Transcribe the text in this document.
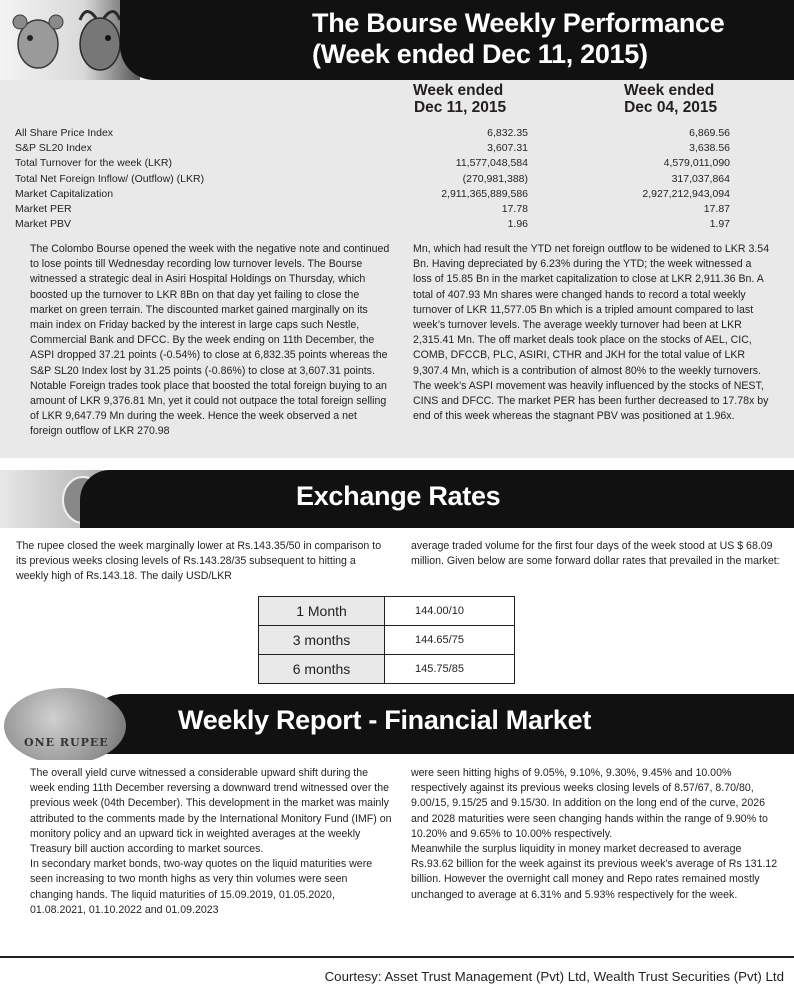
The Bourse Weekly Performance
(Week ended Dec 11, 2015)
Week ended
Dec 11, 2015
Week ended
Dec 04, 2015
All Share Price Index	6,832.35	6,869.56
S&P SL20 Index	3,607.31	3,638.56
Total Turnover for the week (LKR)	11,577,048,584	4,579,011,090
Total Net Foreign Inflow/ (Outflow) (LKR)	(270,981,388)	317,037,864
Market Capitalization	2,911,365,889,586	2,927,212,943,094
Market PER	17.78	17.87
Market PBV	1.96	1.97
The Colombo Bourse opened the week with the negative note and continued to lose points till Wednesday recording low turnover levels. The Bourse witnessed a strategic deal in Asiri Hospital Holdings on Thursday, which boosted up the turnover to LKR 8Bn on that day yet failing to close the market on green terrain. The discounted market gained marginally on its main index on Friday backed by the interest in large caps such Nestle, Commercial Bank and DFCC. By the week ending on 11th December, the ASPI dropped 37.21 points (-0.54%) to close at 6,832.35 points whereas the S&P SL20 Index lost by 31.25 points (-0.86%) to close at 3,607.31 points. Notable Foreign trades took place that boosted the total foreign buying to an amount of LKR 9,376.81 Mn, yet it could not outpace the total foreign selling of LKR 9,647.79 Mn during the week. Hence the week observed a net foreign outflow of LKR 270.98
Mn, which had result the YTD net foreign outflow to be widened to LKR 3.54 Bn. Having depreciated by 6.23% during the YTD; the week witnessed a loss of 15.85 Bn in the market capitalization to close at LKR 2,911.36 Bn. A total of 407.93 Mn shares were changed hands to record a total weekly turnover of LKR 11,577.05 Bn which is a tripled amount compared to last week’s turnover levels. The average weekly turnover had been at LKR 2,315.41 Mn. The off market deals took place on the stocks of AEL, CIC, COMB, DFCCB, PLC, ASIRI, CTHR and JKH for the total value of LKR 9,307.4 Mn, which is a contribution of almost 80% to the weekly turnovers. The week’s ASPI movement was heavily influenced by the stocks of NEST, CINS and DFCC. The market PER has been further decreased to 17.78x by end of this week whereas the stagnant PBV was positioned at 1.96x.
Exchange Rates
The rupee closed the week marginally lower at Rs.143.35/50 in comparison to its previous weeks closing levels of Rs.143.28/35 subsequent to hitting a weekly high of Rs.143.18. The daily USD/LKR
average traded volume for the first four days of the week stood at US $ 68.09 million. Given below are some forward dollar rates that prevailed in the market:
1 Month	144.00/10
3 months	144.65/75
6 months	145.75/85
ONE RUPEE
Weekly Report - Financial Market
The overall yield curve witnessed a considerable upward shift during the week ending 11th December reversing a downward trend witnessed over the previous week (04th December). This development in the market was mainly attributed to the comments made by the International Monitory Fund (IMF) on monitory policy and an upward tick in weighted averages at the weekly Treasury bill auction according to market sources.
In secondary market bonds, two-way quotes on the liquid maturities were seen increasing to two month highs as very thin volumes were seen changing hands. The liquid maturities of 15.09.2019, 01.05.2020, 01.08.2021, 01.10.2022 and 01.09.2023
were seen hitting highs of 9.05%, 9.10%, 9.30%, 9.45% and 10.00% respectively against its previous weeks closing levels of 8.57/67, 8.70/80, 9.00/15, 9.15/25 and 9.15/30. In addition on the long end of the curve, 2026 and 2028 maturities were seen changing hands within the range of 9.90% to 10.20% and 9.65% to 10.00% respectively.
Meanwhile the surplus liquidity in money market decreased to average Rs.93.62 billion for the week against its previous week’s average of Rs 131.12 billion. However the overnight call money and Repo rates remained mostly unchanged to average at 6.31% and 5.93% respectively for the week.
Courtesy: Asset Trust Management (Pvt) Ltd, Wealth Trust Securities (Pvt) Ltd
